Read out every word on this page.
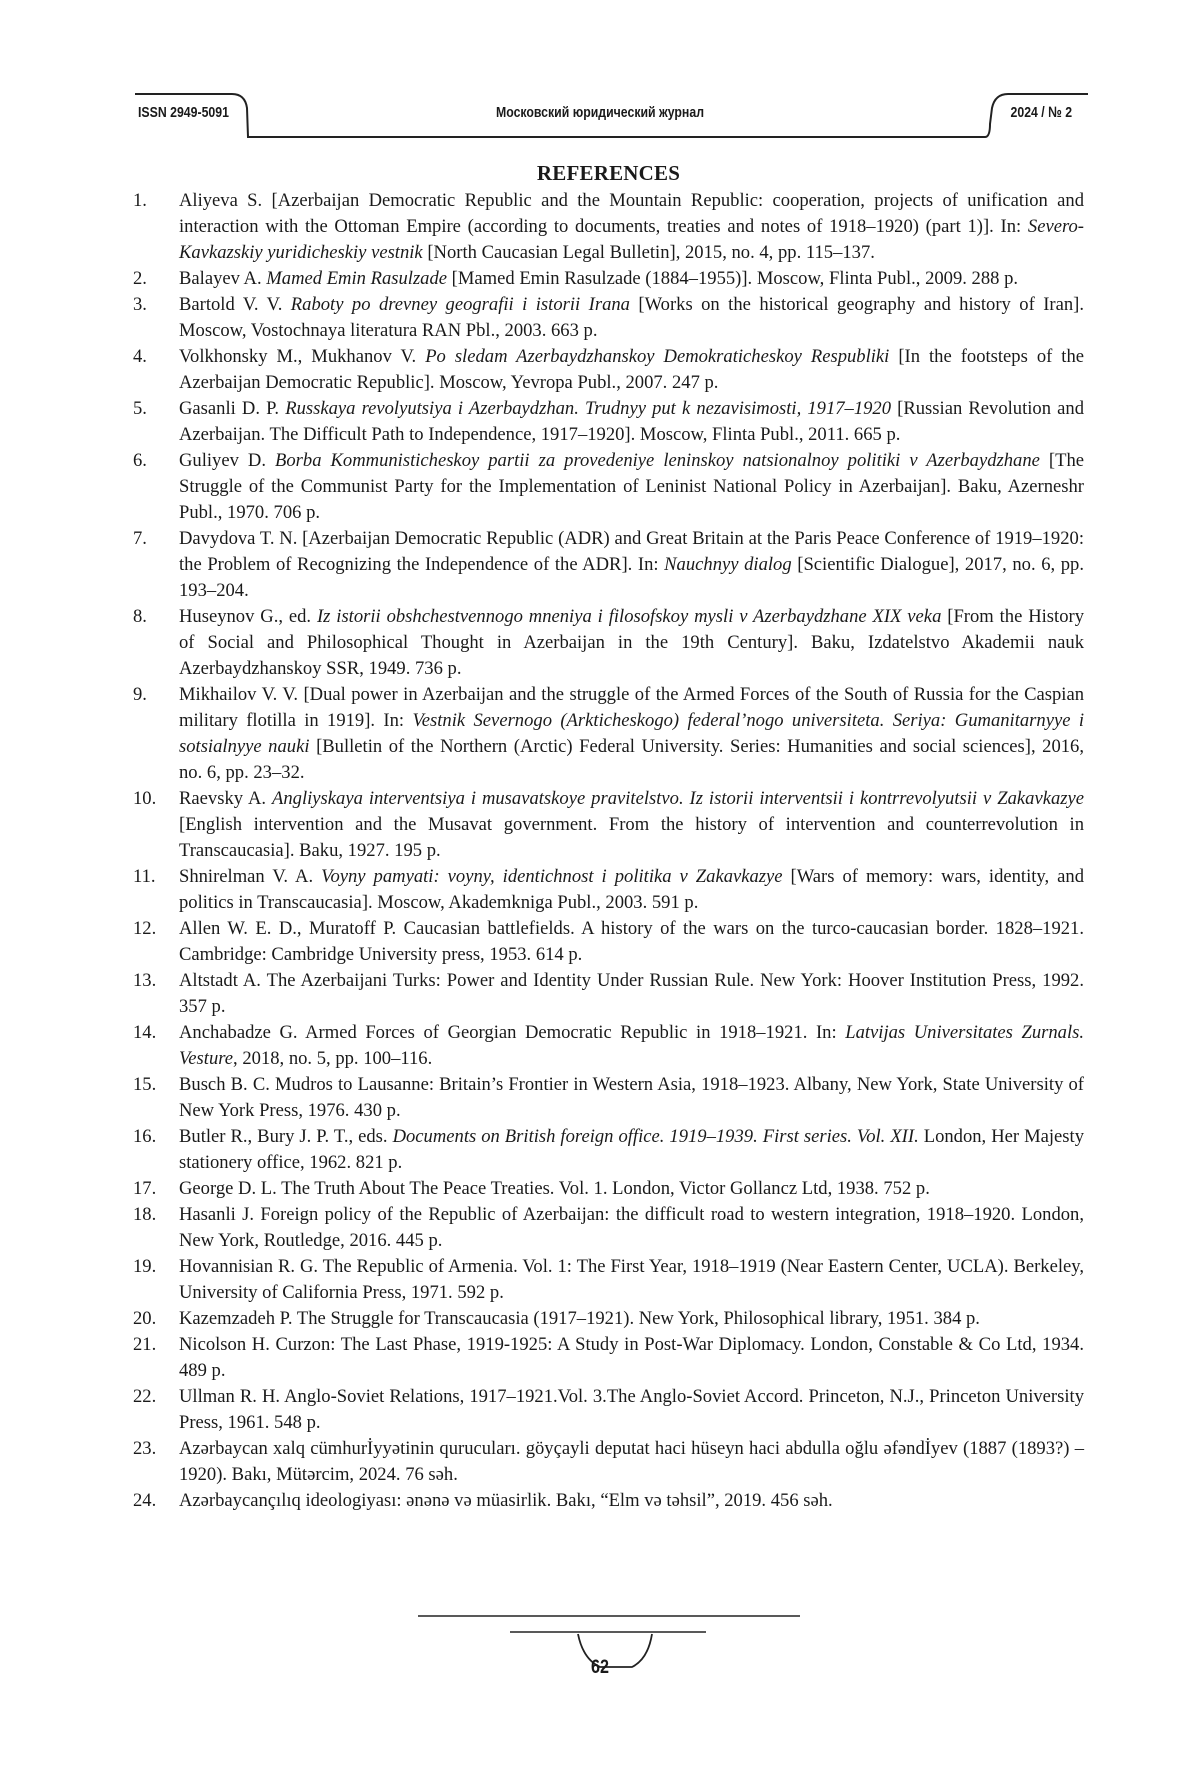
ISSN 2949-5091	Московский юридический журнал	2024 / № 2
REFERENCES
1. Aliyeva S. [Azerbaijan Democratic Republic and the Mountain Republic: cooperation, projects of unification and interaction with the Ottoman Empire (according to documents, treaties and notes of 1918–1920) (part 1)]. In: Severo-Kavkazskiy yuridicheskiy vestnik [North Caucasian Legal Bulletin], 2015, no. 4, pp. 115–137.
2. Balayev A. Mamed Emin Rasulzade [Mamed Emin Rasulzade (1884–1955)]. Moscow, Flinta Publ., 2009. 288 p.
3. Bartold V. V. Raboty po drevney geografii i istorii Irana [Works on the historical geography and history of Iran]. Moscow, Vostochnaya literatura RAN Pbl., 2003. 663 p.
4. Volkhonsky M., Mukhanov V. Po sledam Azerbaydzhanskoy Demokraticheskoy Respubliki [In the footsteps of the Azerbaijan Democratic Republic]. Moscow, Yevropa Publ., 2007. 247 p.
5. Gasanli D. P. Russkaya revolyutsiya i Azerbaydzhan. Trudnyy put k nezavisimosti, 1917–1920 [Russian Revolution and Azerbaijan. The Difficult Path to Independence, 1917–1920]. Moscow, Flinta Publ., 2011. 665 p.
6. Guliyev D. Borba Kommunisticheskoy partii za provedeniye leninskoy natsionalnoy politiki v Azerbaydzhane [The Struggle of the Communist Party for the Implementation of Leninist National Policy in Azerbaijan]. Baku, Azerneshr Publ., 1970. 706 p.
7. Davydova T. N. [Azerbaijan Democratic Republic (ADR) and Great Britain at the Paris Peace Conference of 1919–1920: the Problem of Recognizing the Independence of the ADR]. In: Nauchnyy dialog [Scientific Dialogue], 2017, no. 6, pp. 193–204.
8. Huseynov G., ed. Iz istorii obshchestvennogo mneniya i filosofskoy mysli v Azerbaydzhane XIX veka [From the History of Social and Philosophical Thought in Azerbaijan in the 19th Century]. Baku, Izdatelstvo Akademii nauk Azerbaydzhanskoy SSR, 1949. 736 p.
9. Mikhailov V. V. [Dual power in Azerbaijan and the struggle of the Armed Forces of the South of Russia for the Caspian military flotilla in 1919]. In: Vestnik Severnogo (Arkticheskogo) federal’nogo universiteta. Seriya: Gumanitarnyye i sotsialnyye nauki [Bulletin of the Northern (Arctic) Federal University. Series: Humanities and social sciences], 2016, no. 6, pp. 23–32.
10. Raevsky A. Angliyskaya interventsiya i musavatskoye pravitelstvo. Iz istorii interventsii i kontrrevolyutsii v Zakavkazye [English intervention and the Musavat government. From the history of intervention and counterrevolution in Transcaucasia]. Baku, 1927. 195 p.
11. Shnirelman V. A. Voyny pamyati: voyny, identichnost i politika v Zakavkazye [Wars of memory: wars, identity, and politics in Transcaucasia]. Moscow, Akademkniga Publ., 2003. 591 p.
12. Allen W. E. D., Muratoff P. Caucasian battlefields. A history of the wars on the turco-caucasian border. 1828–1921. Cambridge: Cambridge University press, 1953. 614 p.
13. Altstadt A. The Azerbaijani Turks: Power and Identity Under Russian Rule. New York: Hoover Institution Press, 1992. 357 p.
14. Anchabadze G. Armed Forces of Georgian Democratic Republic in 1918–1921. In: Latvijas Universitates Zurnals. Vesture, 2018, no. 5, pp. 100–116.
15. Busch B. C. Mudros to Lausanne: Britain’s Frontier in Western Asia, 1918–1923. Albany, New York, State University of New York Press, 1976. 430 p.
16. Butler R., Bury J. P. T., eds. Documents on British foreign office. 1919–1939. First series. Vol. XII. London, Her Majesty stationery office, 1962. 821 p.
17. George D. L. The Truth About The Peace Treaties. Vol. 1. London, Victor Gollancz Ltd, 1938. 752 p.
18. Hasanli J. Foreign policy of the Republic of Azerbaijan: the difficult road to western integration, 1918–1920. London, New York, Routledge, 2016. 445 p.
19. Hovannisian R. G. The Republic of Armenia. Vol. 1: The First Year, 1918–1919 (Near Eastern Center, UCLA). Berkeley, University of California Press, 1971. 592 p.
20. Kazemzadeh P. The Struggle for Transcaucasia (1917–1921). New York, Philosophical library, 1951. 384 p.
21. Nicolson H. Curzon: The Last Phase, 1919-1925: A Study in Post-War Diplomacy. London, Constable & Co Ltd, 1934. 489 p.
22. Ullman R. H. Anglo-Soviet Relations, 1917–1921.Vol. 3.The Anglo-Soviet Accord. Princeton, N.J., Princeton University Press, 1961. 548 p.
23. Azərbaycan xalq cümhurİyyətinin qurucuları. göyçayli deputat haci hüseyn haci abdulla oğlu əfəndİyev (1887 (1893?) – 1920). Bakı, Mütərcim, 2024. 76 səh.
24. Azərbaycançılıq ideologiyası: ənənə və müasirlik. Bakı, “Elm və təhsil”, 2019. 456 səh.
62
